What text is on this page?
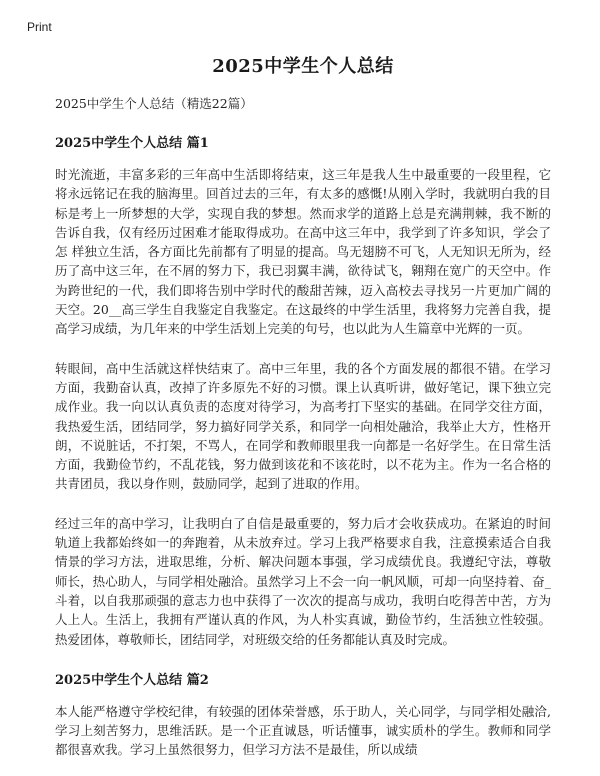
Print
2025中学生个人总结

2025中学生个人总结（精选22篇）

2025中学生个人总结 篇1

时光流逝，丰富多彩的三年高中生活即将结束，这三年是我人生中最重要的一段里程，它将永远铭记在我的脑海里。回首过去的三年，有太多的感慨!从刚入学时，我就明白我的目标是考上一所梦想的大学，实现自我的梦想。然而求学的道路上总是充满荆棘，我不断的告诉自我，仅有经历过困难才能取得成功。在高中这三年中，我学到了许多知识，学会了怎 样独立生活，各方面比先前都有了明显的提高。鸟无翅膀不可飞，人无知识无所为，经历了高中这三年，在不屑的努力下，我已羽翼丰满，欲待试飞，翱翔在宽广的天空中。作为跨世纪的一代，我们即将告别中学时代的酸甜苦辣，迈入高校去寻找另一片更加广阔的天空。20__高三学生自我鉴定自我鉴定。在这最终的中学生活里，我将努力完善自我，提高学习成绩，为几年来的中学生活划上完美的句号，也以此为人生篇章中光辉的一页。

转眼间，高中生活就这样快结束了。高中三年里，我的各个方面发展的都很不错。在学习方面，我勤奋认真，改掉了许多原先不好的习惯。课上认真听讲，做好笔记，课下独立完成作业。我一向以认真负责的态度对待学习，为高考打下坚实的基础。在同学交往方面，我热爱生活，团结同学，努力搞好同学关系，和同学一向相处融洽，我举止大方，性格开朗，不说脏话，不打架，不骂人，在同学和教师眼里我一向都是一名好学生。在日常生活方面，我勤俭节约，不乱花钱，努力做到该花和不该花时，以不花为主。作为一名合格的共青团员，我以身作则，鼓励同学，起到了进取的作用。

经过三年的高中学习，让我明白了自信是最重要的，努力后才会收获成功。在紧迫的时间轨道上我都始终如一的奔跑着，从未放弃过。学习上我严格要求自我，注意摸索适合自我情景的学习方法，进取思维，分析、解决问题本事强，学习成绩优良。我遵纪守法，尊敬师长，热心助人，与同学相处融洽。虽然学习上不会一向一帆风顺，可却一向坚持着、奋_斗着，以自我那顽强的意志力也中获得了一次次的提高与成功，我明白吃得苦中苦，方为人上人。生活上，我拥有严谨认真的作风，为人朴实真诚，勤俭节约，生活独立性较强。热爱团体，尊敬师长，团结同学，对班级交给的任务都能认真及时完成。

2025中学生个人总结 篇2

本人能严格遵守学校纪律，有较强的团体荣誉感，乐于助人，关心同学，与同学相处融洽,学习上刻苦努力，思维活跃。是一个正直诚恳，听话懂事，诚实质朴的学生。教师和同学都很喜欢我。学习上虽然很努力，但学习方法不是最佳，所以成绩
